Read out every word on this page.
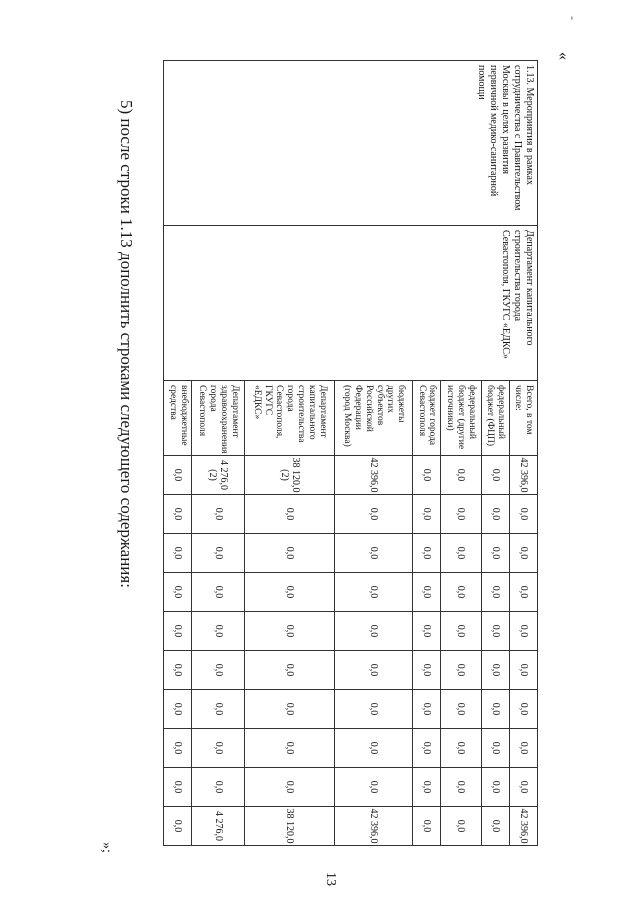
-
«
1.13. Мероприятия в рамках сотрудничества с Правительством Москвы в целях развития первичной медико-санитарной помощи	Департамент капитального строительства города Севастополя, ГКУГС «ЕДКС»	Всего, в том числе:	42 396,0	0,0	0,0	0,0	0,0	0,0	0,0	0,0	0,0	42 396,0
		федеральный бюджет (ФЦП)	0,0	0,0	0,0	0,0	0,0	0,0	0,0	0,0	0,0	0,0
		федеральный бюджет (другие источники)	0,0	0,0	0,0	0,0	0,0	0,0	0,0	0,0	0,0	0,0
		бюджет города Севастополя	0,0	0,0	0,0	0,0	0,0	0,0	0,0	0,0	0,0	0,0
		бюджеты других субъектов Российской Федерации (город Москва)	42 396,0	0,0	0,0	0,0	0,0	0,0	0,0	0,0	0,0	42 396,0
		Департамент капитального строительства города Севастополя, ГКУГС «ЕДКС»	38 120,0 (2)	0,0	0,0	0,0	0,0	0,0	0,0	0,0	0,0	38 120,0
		Департамент здравоохранения города Севастополя	4 276,0 (2)	0,0	0,0	0,0	0,0	0,0	0,0	0,0	0,0	4 276,0
		внебюджетные средства	0,0	0,0	0,0	0,0	0,0	0,0	0,0	0,0	0,0	0,0
5) после строки 1.13 дополнить строками следующего содержания:
»;
13
